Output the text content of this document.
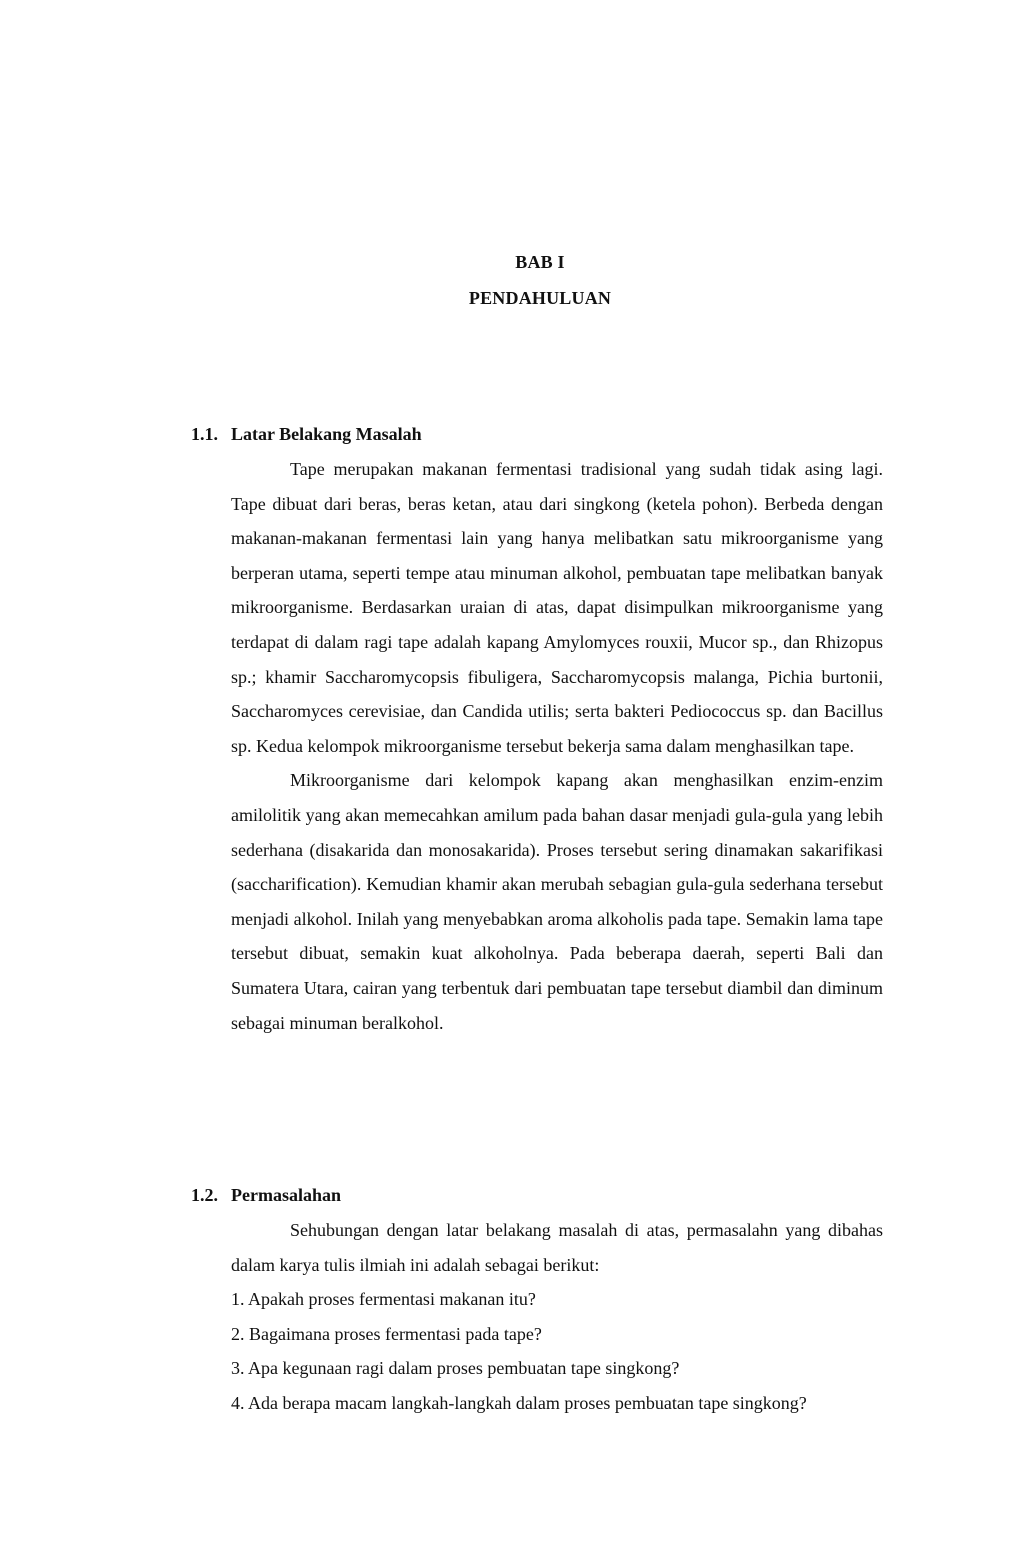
BAB I
PENDAHULUAN
1.1. Latar Belakang Masalah

Tape merupakan makanan fermentasi tradisional yang sudah tidak asing lagi. Tape dibuat dari beras, beras ketan, atau dari singkong (ketela pohon). Berbeda dengan makanan-makanan fermentasi lain yang hanya melibatkan satu mikroorganisme yang berperan utama, seperti tempe atau minuman alkohol, pembuatan tape melibatkan banyak mikroorganisme. Berdasarkan uraian di atas, dapat disimpulkan mikroorganisme yang terdapat di dalam ragi tape adalah kapang Amylomyces rouxii, Mucor sp., dan Rhizopus sp.; khamir Saccharomycopsis fibuligera, Saccharomycopsis malanga, Pichia burtonii, Saccharomyces cerevisiae, dan Candida utilis; serta bakteri Pediococcus sp. dan Bacillus sp. Kedua kelompok mikroorganisme tersebut bekerja sama dalam menghasilkan tape.

Mikroorganisme dari kelompok kapang akan menghasilkan enzim-enzim amilolitik yang akan memecahkan amilum pada bahan dasar menjadi gula-gula yang lebih sederhana (disakarida dan monosakarida). Proses tersebut sering dinamakan sakarifikasi (saccharification). Kemudian khamir akan merubah sebagian gula-gula sederhana tersebut menjadi alkohol. Inilah yang menyebabkan aroma alkoholis pada tape. Semakin lama tape tersebut dibuat, semakin kuat alkoholnya. Pada beberapa daerah, seperti Bali dan Sumatera Utara, cairan yang terbentuk dari pembuatan tape tersebut diambil dan diminum sebagai minuman beralkohol.

1.2. Permasalahan

Sehubungan dengan latar belakang masalah di atas, permasalahn yang dibahas dalam karya tulis ilmiah ini adalah sebagai berikut:

1. Apakah proses fermentasi makanan itu?
2. Bagaimana proses fermentasi pada tape?
3. Apa kegunaan ragi dalam proses pembuatan tape singkong?
4. Ada berapa macam langkah-langkah dalam proses pembuatan tape singkong?
